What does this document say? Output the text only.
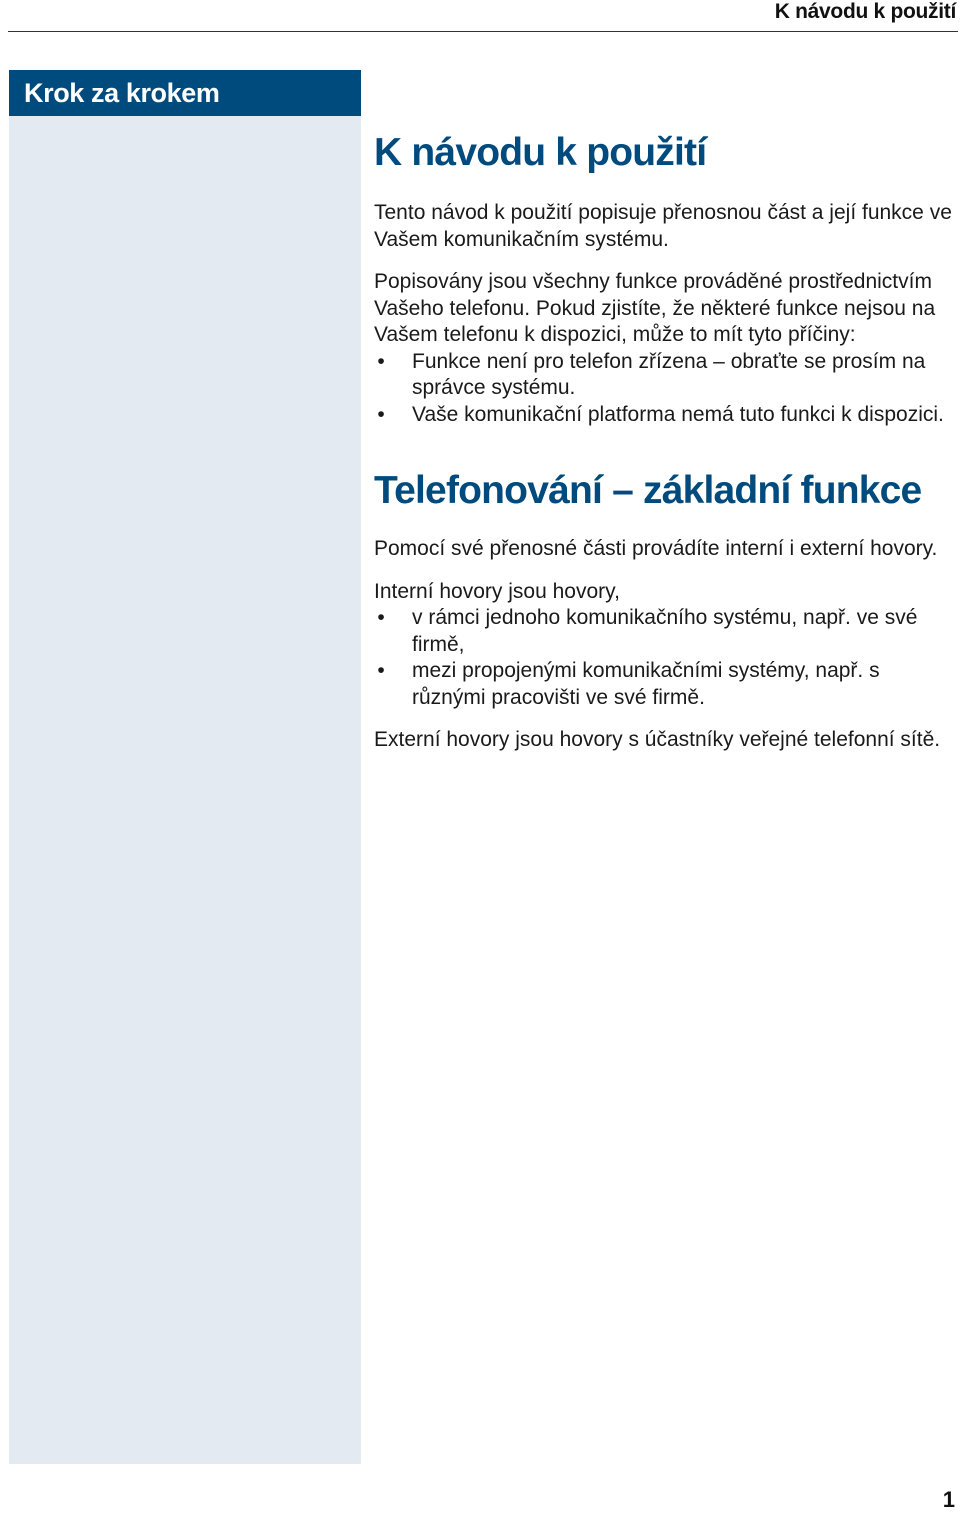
K návodu k použití
Krok za krokem
K návodu k použití

Tento návod k použití popisuje přenosnou část a její funkce ve Vašem komunikačním systému.

Popisovány jsou všechny funkce prováděné prostřednictvím Vašeho telefonu. Pokud zjistíte, že některé funkce nejsou na Vašem telefonu k dispozici, může to mít tyto příčiny:

• Funkce není pro telefon zřízena – obraťte se prosím na správce systému.
• Vaše komunikační platforma nemá tuto funkci k dispozici.
Telefonování – základní funkce

Pomocí své přenosné části provádíte interní i externí hovory.

Interní hovory jsou hovory,

• v rámci jednoho komunikačního systému, např. ve své firmě,
• mezi propojenými komunikačními systémy, např. s různými pracovišti ve své firmě.

Externí hovory jsou hovory s účastníky veřejné telefonní sítě.

1
